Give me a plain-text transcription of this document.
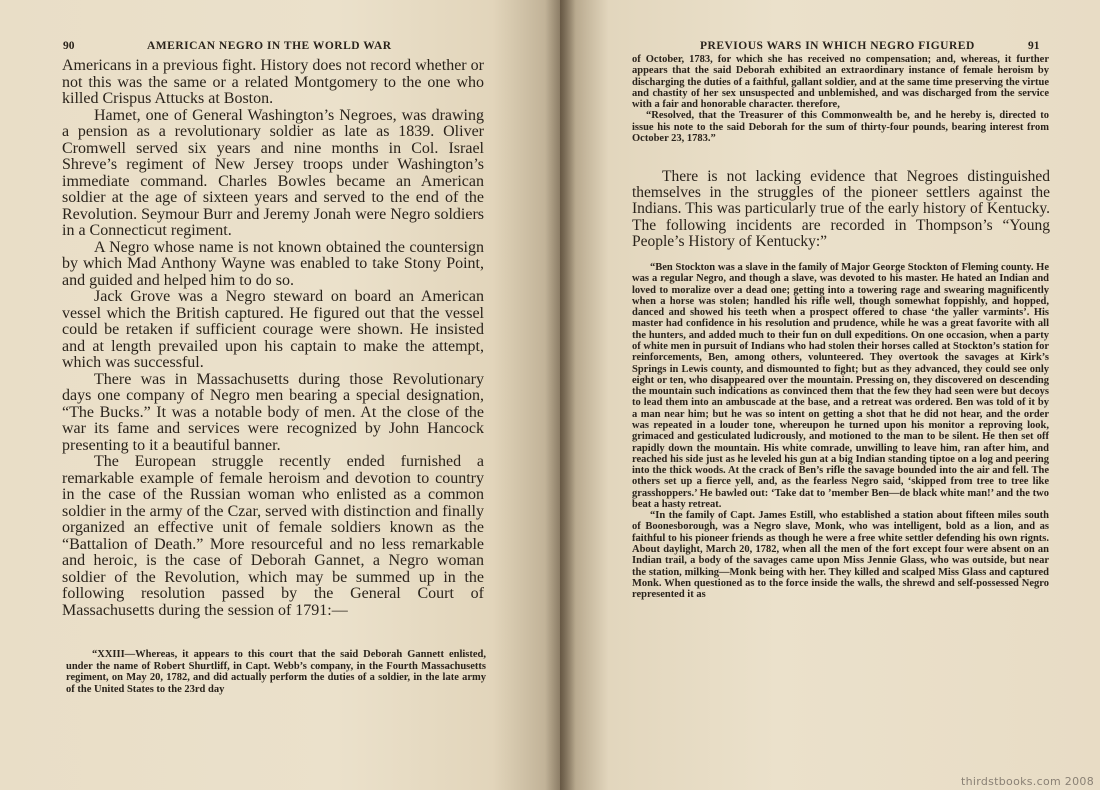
90	AMERICAN NEGRO IN THE WORLD WAR

Americans in a previous fight. History does not record whether or not this was the same or a related Montgomery to the one who killed Crispus Attucks at Boston.

Hamet, one of General Washington’s Negroes, was drawing a pension as a revolutionary soldier as late as 1839. Oliver Cromwell served six years and nine months in Col. Israel Shreve’s regiment of New Jersey troops under Washington’s immediate command. Charles Bowles became an American soldier at the age of sixteen years and served to the end of the Revolution. Seymour Burr and Jeremy Jonah were Negro soldiers in a Connecticut regiment.

A Negro whose name is not known obtained the countersign by which Mad Anthony Wayne was enabled to take Stony Point, and guided and helped him to do so.

Jack Grove was a Negro steward on board an American vessel which the British captured. He figured out that the vessel could be retaken if sufficient courage were shown. He insisted and at length prevailed upon his captain to make the attempt, which was successful.

There was in Massachusetts during those Revolutionary days one company of Negro men bearing a special designation, “The Bucks.” It was a notable body of men. At the close of the war its fame and services were recognized by John Hancock presenting to it a beautiful banner.

The European struggle recently ended furnished a remarkable example of female heroism and devotion to country in the case of the Russian woman who enlisted as a common soldier in the army of the Czar, served with distinction and finally organized an effective unit of female soldiers known as the “Battalion of Death.” More resourceful and no less remarkable and heroic, is the case of Deborah Gannet, a Negro woman soldier of the Revolution, which may be summed up in the following resolution passed by the General Court of Massachusetts during the session of 1791:—

“XXIII—Whereas, it appears to this court that the said Deborah Gannett enlisted, under the name of Robert Shurtliff, in Capt. Webb’s company, in the Fourth Massachusetts regiment, on May 20, 1782, and did actually perform the duties of a soldier, in the late army of the United States to the 23rd day

PREVIOUS WARS IN WHICH NEGRO FIGURED	91

of October, 1783, for which she has received no compensation; and, whereas, it further appears that the said Deborah exhibited an extraordinary instance of female heroism by discharging the duties of a faithful, gallant soldier, and at the same time preserving the virtue and chastity of her sex unsuspected and unblemished, and was discharged from the service with a fair and honorable character. therefore,

“Resolved, that the Treasurer of this Commonwealth be, and he hereby is, directed to issue his note to the said Deborah for the sum of thirty-four pounds, bearing interest from October 23, 1783.”

There is not lacking evidence that Negroes distinguished themselves in the struggles of the pioneer settlers against the Indians. This was particularly true of the early history of Kentucky. The following incidents are recorded in Thompson’s “Young People’s History of Kentucky:”

“Ben Stockton was a slave in the family of Major George Stockton of Fleming county. He was a regular Negro, and though a slave, was devoted to his master. He hated an Indian and loved to moralize over a dead one; getting into a towering rage and swearing magnificently when a horse was stolen; handled his rifle well, though somewhat foppishly, and hopped, danced and showed his teeth when a prospect offered to chase ‘the yaller varmints’. His master had confidence in his resolution and prudence, while he was a great favorite with all the hunters, and added much to their fun on dull expeditions. On one occasion, when a party of white men in pursuit of Indians who had stolen their horses called at Stockton’s station for reinforcements, Ben, among others, volunteered. They overtook the savages at Kirk’s Springs in Lewis county, and dismounted to fight; but as they advanced, they could see only eight or ten, who disappeared over the mountain. Pressing on, they discovered on descending the mountain such indications as convinced them that the few they had seen were but decoys to lead them into an ambuscade at the base, and a retreat was ordered. Ben was told of it by a man near him; but he was so intent on getting a shot that he did not hear, and the order was repeated in a louder tone, whereupon he turned upon his monitor a reproving look, grimaced and gesticulated ludicrously, and motioned to the man to be silent. He then set off rapidly down the mountain. His white comrade, unwilling to leave him, ran after him, and reached his side just as he leveled his gun at a big Indian standing tiptoe on a log and peering into the thick woods. At the crack of Ben’s rifle the savage bounded into the air and fell. The others set up a fierce yell, and, as the fearless Negro said, ‘skipped from tree to tree like grasshoppers.’ He bawled out: ‘Take dat to ’member Ben—de black white man!’ and the two beat a hasty retreat.

“In the family of Capt. James Estill, who established a station about fifteen miles south of Boonesborough, was a Negro slave, Monk, who was intelligent, bold as a lion, and as faithful to his pioneer friends as though he were a free white settler defending his own rignts. About daylight, March 20, 1782, when all the men of the fort except four were absent on an Indian trail, a body of the savages came upon Miss Jennie Glass, who was outside, but near the station, milking—Monk being with her. They killed and scalped Miss Glass and captured Monk. When questioned as to the force inside the walls, the shrewd and self-possessed Negro represented it as

thirdstbooks.com 2008
